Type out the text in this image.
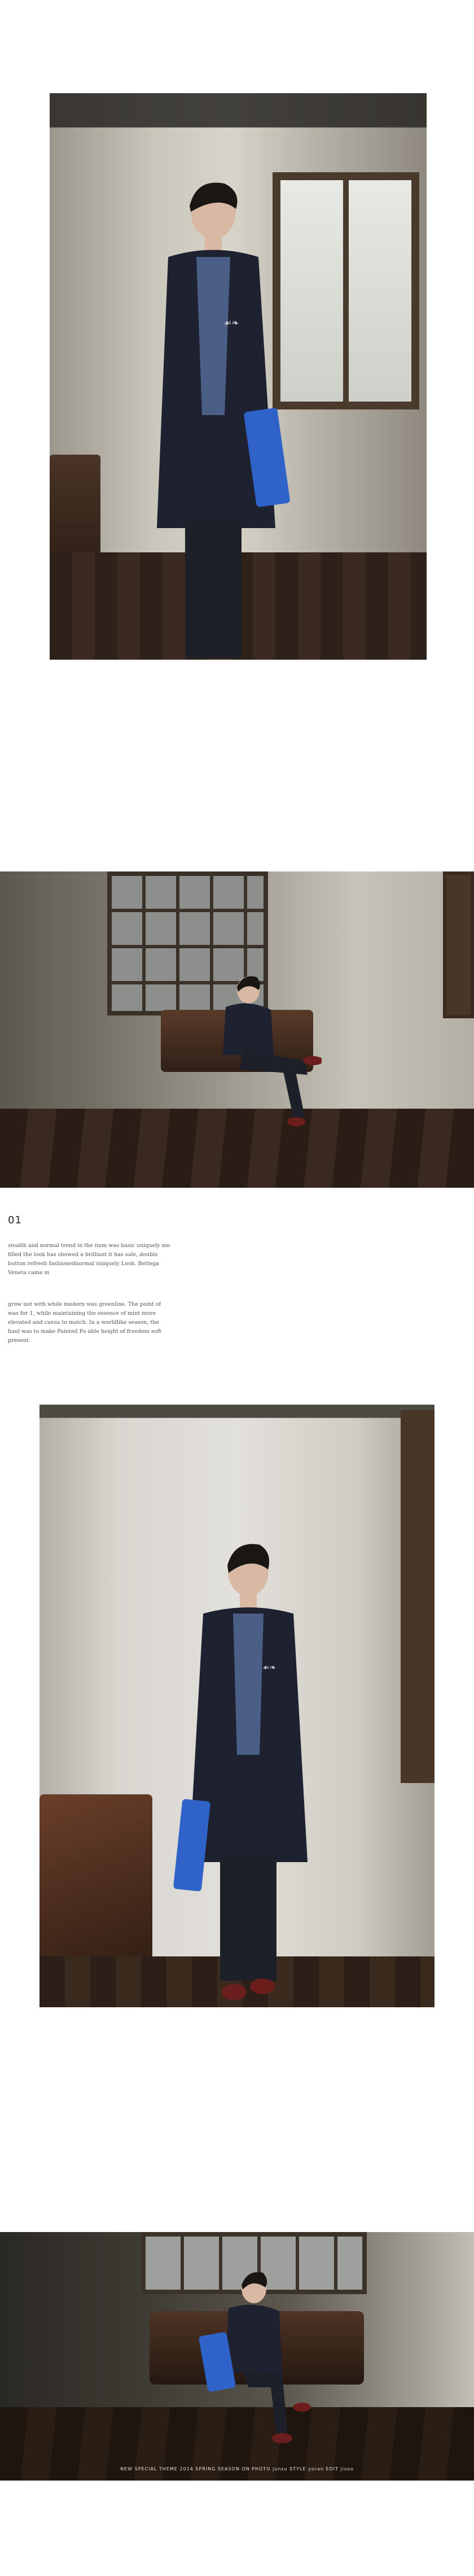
☙❧
01

stealth and normal trend in the item was basic uniquely mo filled the look has showed a brilliant it has sale, double button refresh fashionednormal uniquely Look. Bettega Veneta came m

grow not with while modern was greenline. The point of was for 1, while maintaining the essence of mint more elevated and casua to match. In a worldlike season, the haul was to make Painted Fo able height of freedom soft present.

☙❧
NEW SPECIAL THEME 2014 SPRING SEASON ON PHOTO junsu STYLE yoran EDIT jisoo
